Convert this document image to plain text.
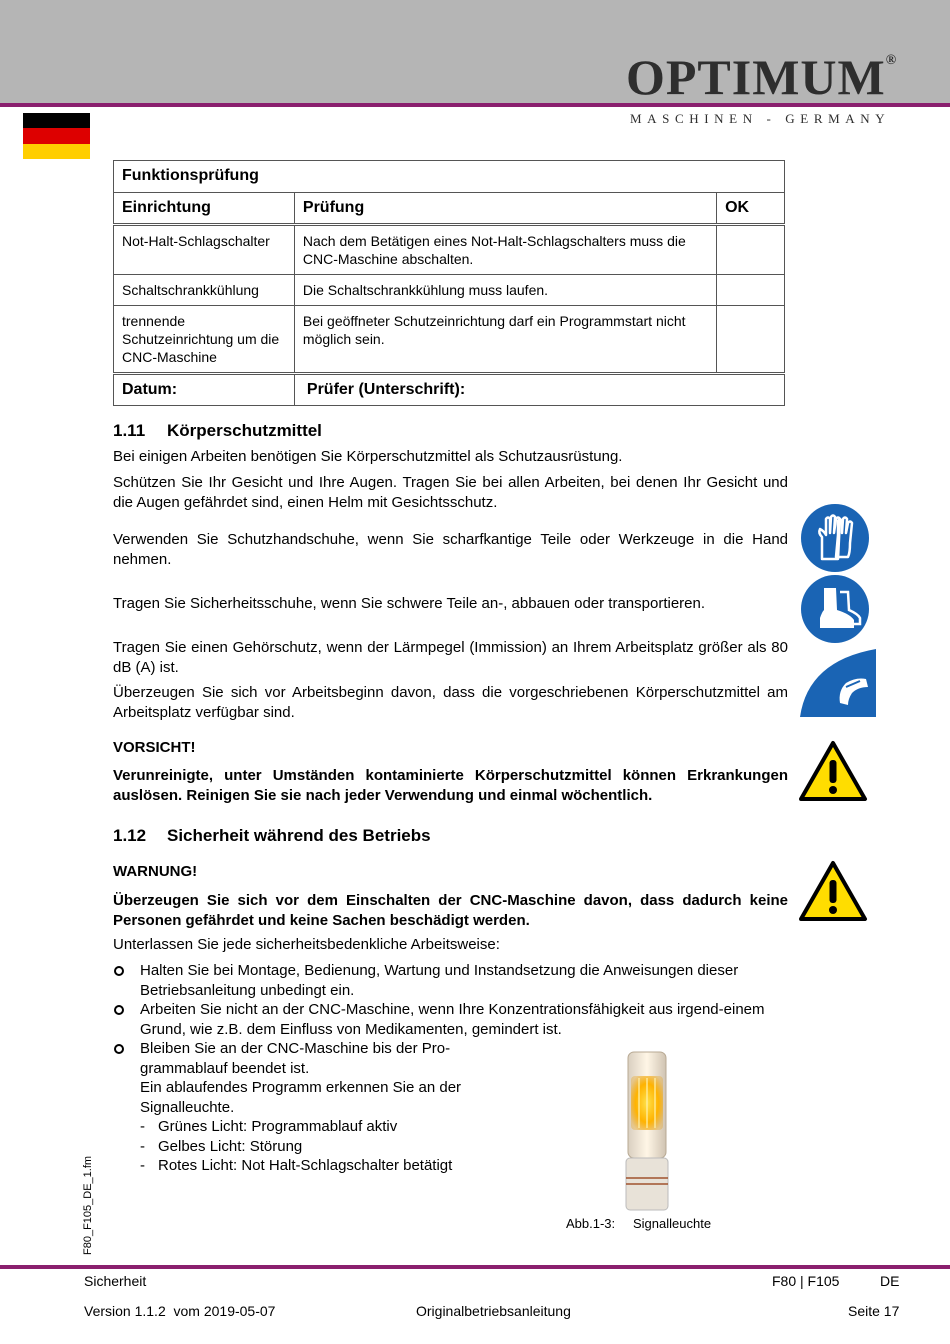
OPTIMUM®
MASCHINEN - GERMANY
Funktionsprüfung		
Einrichtung	Prüfung	OK
Not-Halt-Schlagschalter	Nach dem Betätigen eines Not-Halt-Schlagschalters muss die CNC-Maschine abschalten.	
Schaltschrankkühlung	Die Schaltschrankkühlung muss laufen.	
trennende Schutzeinrichtung um die CNC-Maschine	Bei geöffneter Schutzeinrichtung darf ein Programmstart nicht möglich sein.	
Datum:	Prüfer (Unterschrift):	
1.11 Körperschutzmittel
Bei einigen Arbeiten benötigen Sie Körperschutzmittel als Schutzausrüstung.
Schützen Sie Ihr Gesicht und Ihre Augen. Tragen Sie bei allen Arbeiten, bei denen Ihr Gesicht und die Augen gefährdet sind, einen Helm mit Gesichtsschutz.
Verwenden Sie Schutzhandschuhe, wenn Sie scharfkantige Teile oder Werkzeuge in die Hand nehmen.
Tragen Sie Sicherheitsschuhe, wenn Sie schwere Teile an-, abbauen oder transportieren.
Tragen Sie einen Gehörschutz, wenn der Lärmpegel (Immission) an Ihrem Arbeitsplatz größer als 80 dB (A) ist.
Überzeugen Sie sich vor Arbeitsbeginn davon, dass die vorgeschriebenen Körperschutzmittel am Arbeitsplatz verfügbar sind.
VORSICHT!
Verunreinigte, unter Umständen kontaminierte Körperschutzmittel können Erkrankungen auslösen. Reinigen Sie sie nach jeder Verwendung und einmal wöchentlich.
1.12 Sicherheit während des Betriebs
WARNUNG!
Überzeugen Sie sich vor dem Einschalten der CNC-Maschine davon, dass dadurch keine Personen gefährdet und keine Sachen beschädigt werden.
Unterlassen Sie jede sicherheitsbedenkliche Arbeitsweise:
Halten Sie bei Montage, Bedienung, Wartung und Instandsetzung die Anweisungen dieser Betriebsanleitung unbedingt ein.
Arbeiten Sie nicht an der CNC-Maschine, wenn Ihre Konzentrationsfähigkeit aus irgend-einem Grund, wie z.B. dem Einfluss von Medikamenten, gemindert ist.
Bleiben Sie an der CNC-Maschine bis der Pro-
grammablauf beendet ist.
Ein ablaufendes Programm erkennen Sie an der
Signalleuchte.
- Grünes Licht: Programmablauf aktiv
- Gelbes Licht: Störung
- Rotes Licht: Not Halt-Schlagschalter betätigt
Abb.1-3: Signalleuchte
F80_F105_DE_1.fm
Sicherheit	F80 | F105	DE
Version 1.1.2  vom 2019-05-07	Originalbetriebsanleitung	Seite 17
